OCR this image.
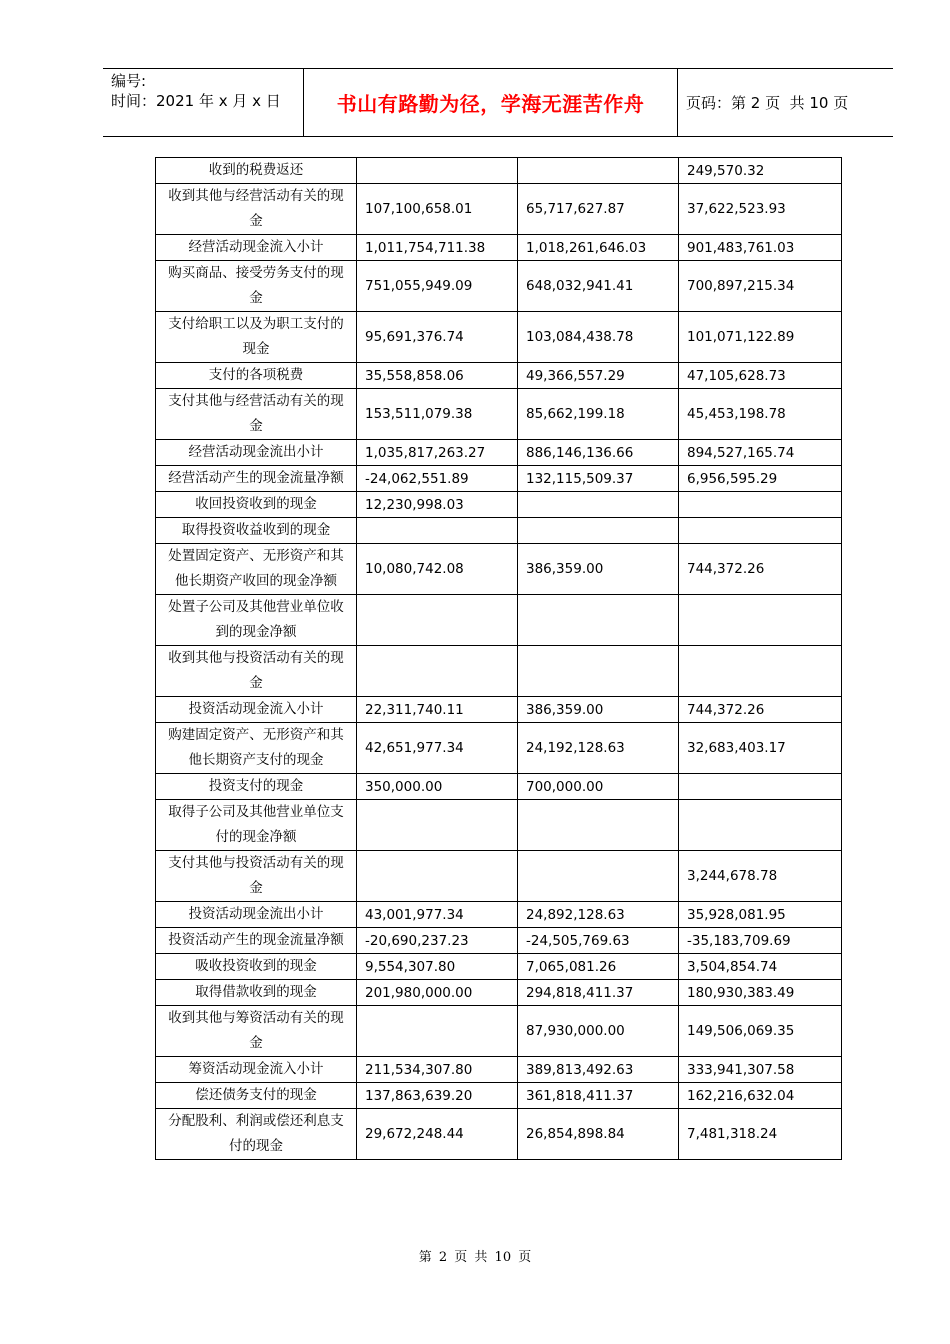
编号:
时间：2021 年 x 月 x 日	书山有路勤为径，学海无涯苦作舟	页码：第 2 页  共 10 页
收到的税费返还			249,570.32
收到其他与经营活动有关的现金	107,100,658.01	65,717,627.87	37,622,523.93
经营活动现金流入小计	1,011,754,711.38	1,018,261,646.03	901,483,761.03
购买商品、接受劳务支付的现金	751,055,949.09	648,032,941.41	700,897,215.34
支付给职工以及为职工支付的现金	95,691,376.74	103,084,438.78	101,071,122.89
支付的各项税费	35,558,858.06	49,366,557.29	47,105,628.73
支付其他与经营活动有关的现金	153,511,079.38	85,662,199.18	45,453,198.78
经营活动现金流出小计	1,035,817,263.27	886,146,136.66	894,527,165.74
经营活动产生的现金流量净额	-24,062,551.89	132,115,509.37	6,956,595.29
收回投资收到的现金	12,230,998.03		
取得投资收益收到的现金			
处置固定资产、无形资产和其他长期资产收回的现金净额	10,080,742.08	386,359.00	744,372.26
处置子公司及其他营业单位收到的现金净额			
收到其他与投资活动有关的现金			
投资活动现金流入小计	22,311,740.11	386,359.00	744,372.26
购建固定资产、无形资产和其他长期资产支付的现金	42,651,977.34	24,192,128.63	32,683,403.17
投资支付的现金	350,000.00	700,000.00	
取得子公司及其他营业单位支付的现金净额			
支付其他与投资活动有关的现金			3,244,678.78
投资活动现金流出小计	43,001,977.34	24,892,128.63	35,928,081.95
投资活动产生的现金流量净额	-20,690,237.23	-24,505,769.63	-35,183,709.69
吸收投资收到的现金	9,554,307.80	7,065,081.26	3,504,854.74
取得借款收到的现金	201,980,000.00	294,818,411.37	180,930,383.49
收到其他与筹资活动有关的现金		87,930,000.00	149,506,069.35
筹资活动现金流入小计	211,534,307.80	389,813,492.63	333,941,307.58
偿还债务支付的现金	137,863,639.20	361,818,411.37	162,216,632.04
分配股利、利润或偿还利息支付的现金	29,672,248.44	26,854,898.84	7,481,318.24
第 2 页 共 10 页
